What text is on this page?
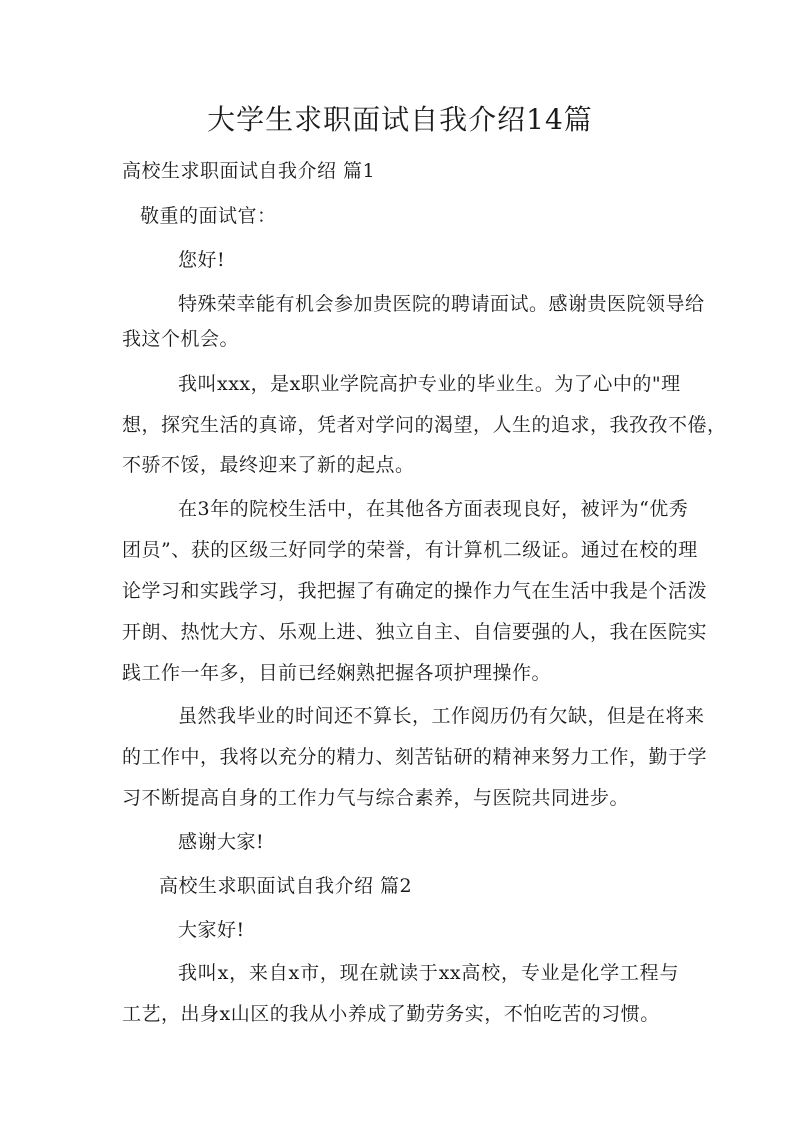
大学生求职面试自我介绍14篇

高校生求职面试自我介绍 篇1

敬重的面试官：

您好!

特殊荣幸能有机会参加贵医院的聘请面试。感谢贵医院领导给

我这个机会。

我叫xxx，是x职业学院高护专业的毕业生。为了心中的"理

想，探究生活的真谛，凭者对学问的渴望，人生的追求，我孜孜不倦，

不骄不馁，最终迎来了新的起点。

在3年的院校生活中，在其他各方面表现良好，被评为“优秀

团员”、获的区级三好同学的荣誉，有计算机二级证。通过在校的理

论学习和实践学习，我把握了有确定的操作力气在生活中我是个活泼

开朗、热忱大方、乐观上进、独立自主、自信要强的人，我在医院实

践工作一年多，目前已经娴熟把握各项护理操作。

虽然我毕业的时间还不算长，工作阅历仍有欠缺，但是在将来

的工作中，我将以充分的精力、刻苦钻研的精神来努力工作，勤于学

习不断提高自身的工作力气与综合素养，与医院共同进步。

感谢大家!

高校生求职面试自我介绍 篇2

大家好!

我叫x，来自x市，现在就读于xx高校，专业是化学工程与

工艺，出身x山区的我从小养成了勤劳务实，不怕吃苦的习惯。
